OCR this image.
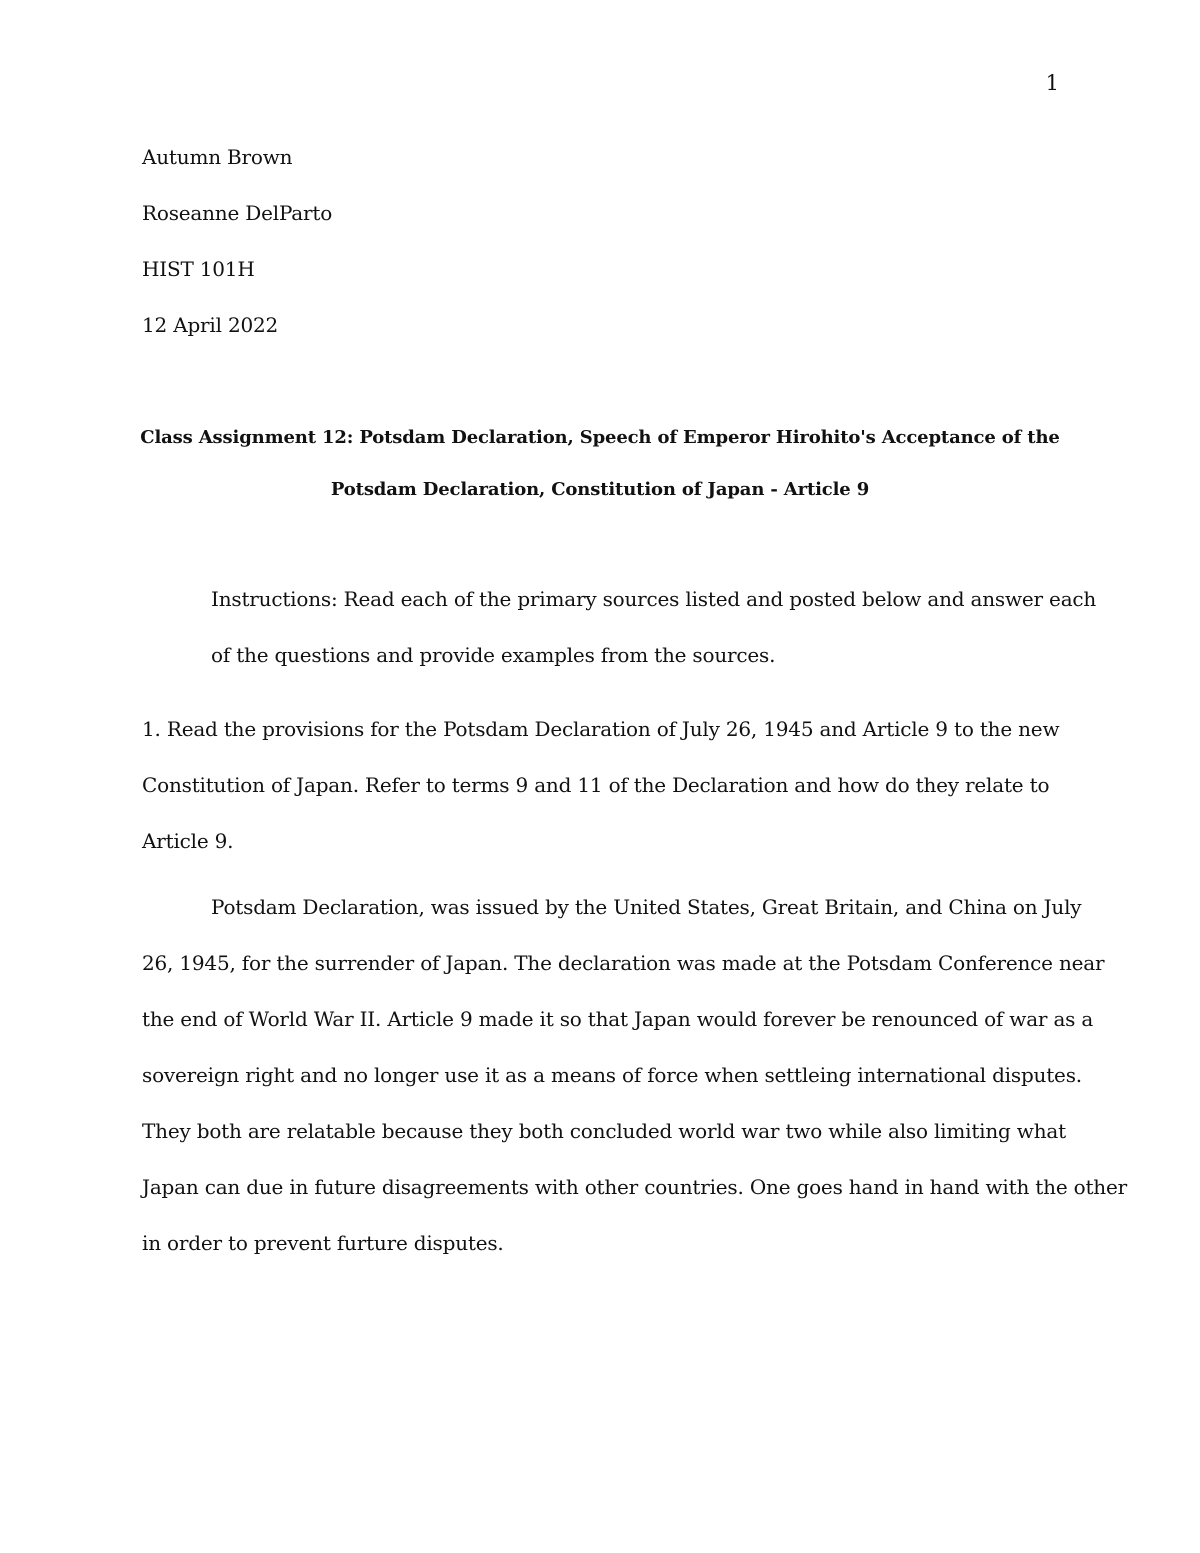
1
Autumn Brown
Roseanne DelParto
HIST 101H
12 April 2022
Class Assignment 12: Potsdam Declaration, Speech of Emperor Hirohito's Acceptance of the
Potsdam Declaration, Constitution of Japan - Article 9
Instructions: Read each of the primary sources listed and posted below and answer each
of the questions and provide examples from the sources.
1. Read the provisions for the Potsdam Declaration of July 26, 1945 and Article 9 to the new
Constitution of Japan. Refer to terms 9 and 11 of the Declaration and how do they relate to
Article 9.
Potsdam Declaration, was issued by the United States, Great Britain, and China on July
26, 1945, for the surrender of Japan. The declaration was made at the Potsdam Conference near
the end of World War II. Article 9 made it so that Japan would forever be renounced of war as a
sovereign right and no longer use it as a means of force when settleing international disputes.
They both are relatable because they both concluded world war two while also limiting what
Japan can due in future disagreements with other countries. One goes hand in hand with the other
in order to prevent furture disputes.
